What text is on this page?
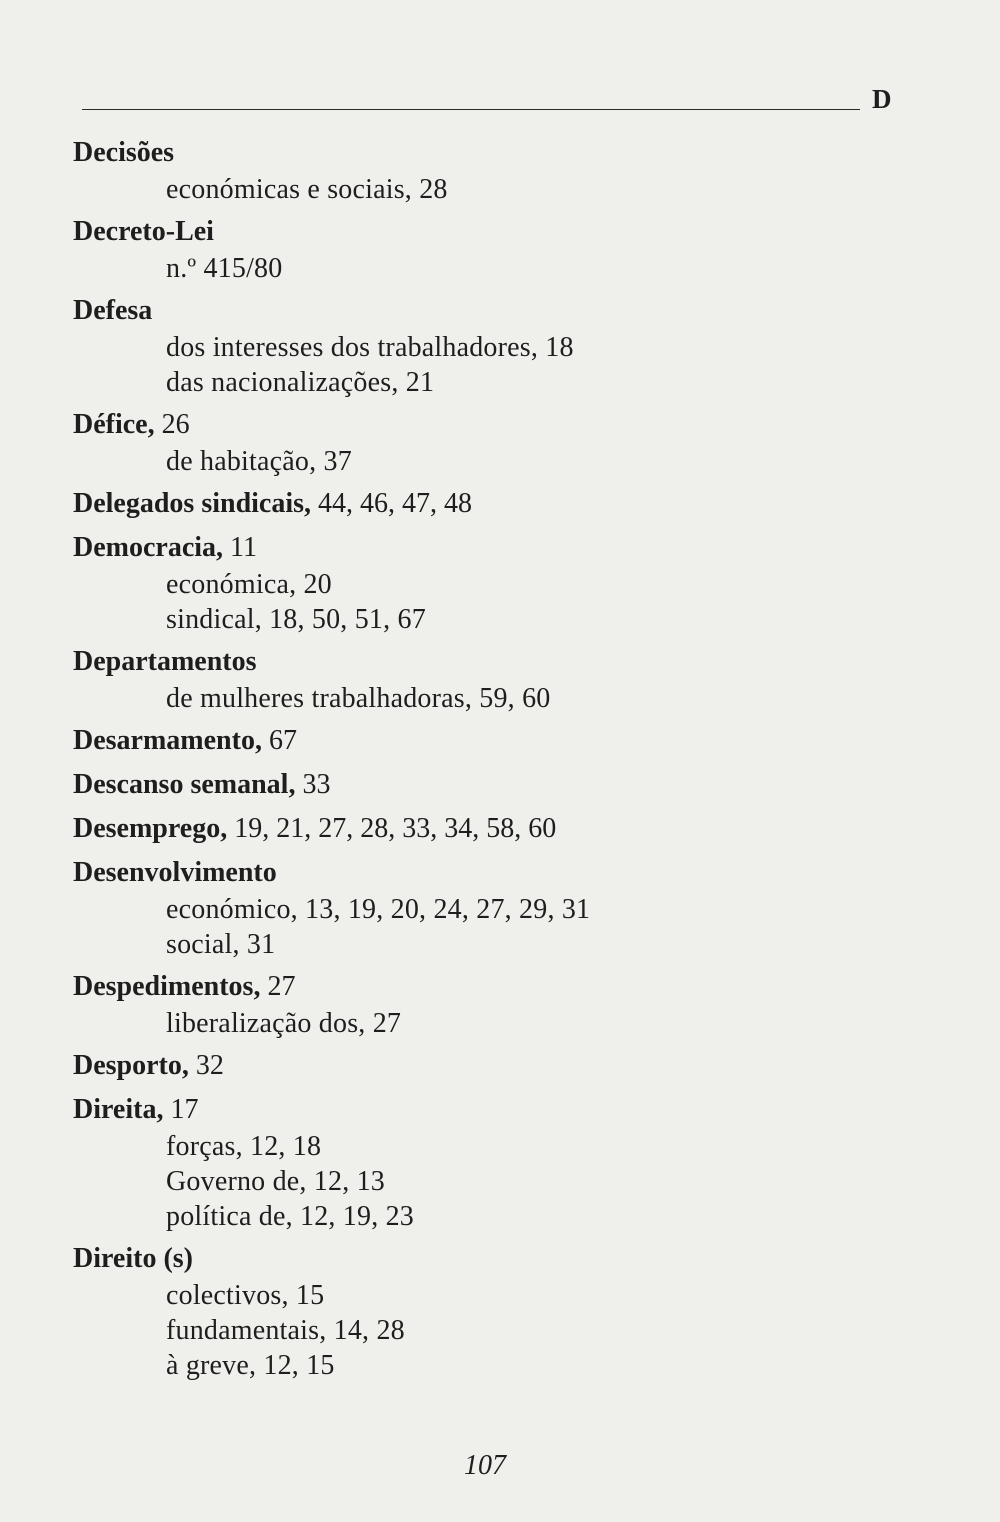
D
Decisões
económicas e sociais, 28
Decreto-Lei
n.º 415/80
Defesa
dos interesses dos trabalhadores, 18
das nacionalizações, 21
Défice, 26
de habitação, 37
Delegados sindicais, 44, 46, 47, 48
Democracia, 11
económica, 20
sindical, 18, 50, 51, 67
Departamentos
de mulheres trabalhadoras, 59, 60
Desarmamento, 67
Descanso semanal, 33
Desemprego, 19, 21, 27, 28, 33, 34, 58, 60
Desenvolvimento
económico, 13, 19, 20, 24, 27, 29, 31
social, 31
Despedimentos, 27
liberalização dos, 27
Desporto, 32
Direita, 17
forças, 12, 18
Governo de, 12, 13
política de, 12, 19, 23
Direito (s)
colectivos, 15
fundamentais, 14, 28
à greve, 12, 15
107
